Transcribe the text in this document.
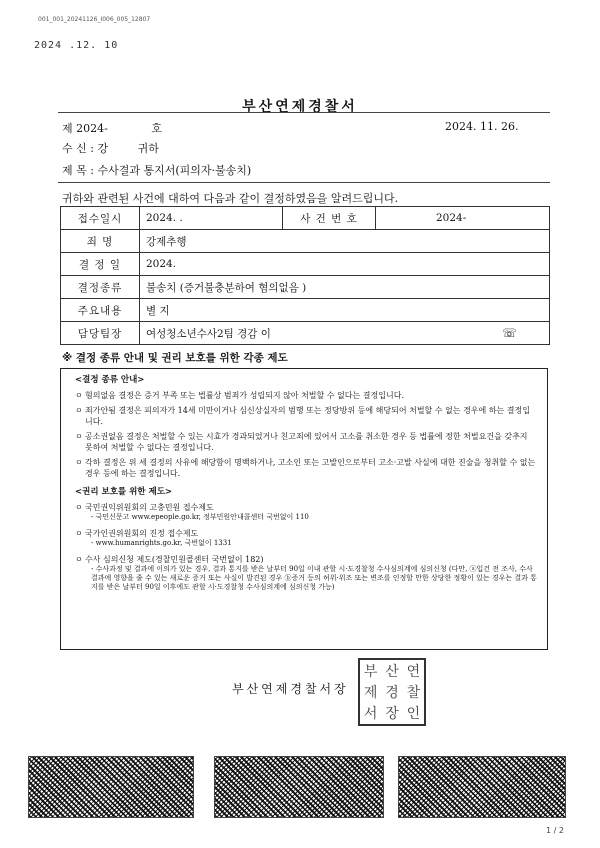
001_001_20241126_I006_005_12807
2024 .12. 10
부산연제경찰서
제 2024-	호	2024. 11. 26.
수 신 : 강	귀하
제 목 : 수사결과 통지서(피의자·불송치)
귀하와 관련된 사건에 대하여 다음과 같이 결정하였음을 알려드립니다.
접수일시	2024. .	사 건 번 호	2024-
죄 명	강제추행		
결 정 일	2024.		
결정종류	불송치 (증거불충분하여 혐의없음 )		
주요내용	별 지		
담당팀장	여성청소년수사2팀 경감 이 ☏		
※ 결정 종류 안내 및 권리 보호를 위한 각종 제도
<결정 종류 안내>
ㅇ 혐의없음 결정은 증거 부족 또는 법률상 범죄가 성립되지 않아 처벌할 수 없다는 결정입니다.
ㅇ 죄가안됨 결정은 피의자가 14세 미만이거나 심신상실자의 범행 또는 정당방위 등에 해당되어 처벌할 수 없는 경우에 하는 결정입니다.
ㅇ 공소권없음 결정은 처벌할 수 있는 시효가 경과되었거나 친고죄에 있어서 고소를 취소한 경우 등 법률에 정한 처벌요건을 갖추지 못하여 처벌할 수 없다는 결정입니다.
ㅇ 각하 결정은 위 세 결정의 사유에 해당함이 명백하거나, 고소인 또는 고발인으로부터 고소·고발 사실에 대한 진술을 청취할 수 없는 경우 등에 하는 결정입니다.
<권리 보호를 위한 제도>
ㅇ 국민권익위원회의 고충민원 접수제도
- 국민신문고 www.epeople.go.kr, 정부민원안내콜센터 국번없이 110
ㅇ 국가인권위원회의 진정 접수제도
- www.humanrights.go.kr, 국번없이 1331
ㅇ 수사 심의신청 제도(경찰민원콜센터 국번없이 182)
- 수사과정 및 결과에 이의가 있는 경우, 결과 통지를 받은 날부터 90일 이내 관할 시·도경찰청 수사심의계에 심의신청 (다만, ⓐ입건 전 조사, 수사 결과에 영향을 줄 수 있는 새로운 증거 또는 사실이 발견된 경우 ⓑ증거 등의 허위·위조 또는 변조를 인정할 만한 상당한 정황이 있는 경우는 결과 통지를 받은 날부터 90일 이후에도 관할 시·도경찰청 수사심의계에 심의신청 가능)
부산연제경찰서장
부 산 연
제 경 찰
서 장 인
1 / 2
